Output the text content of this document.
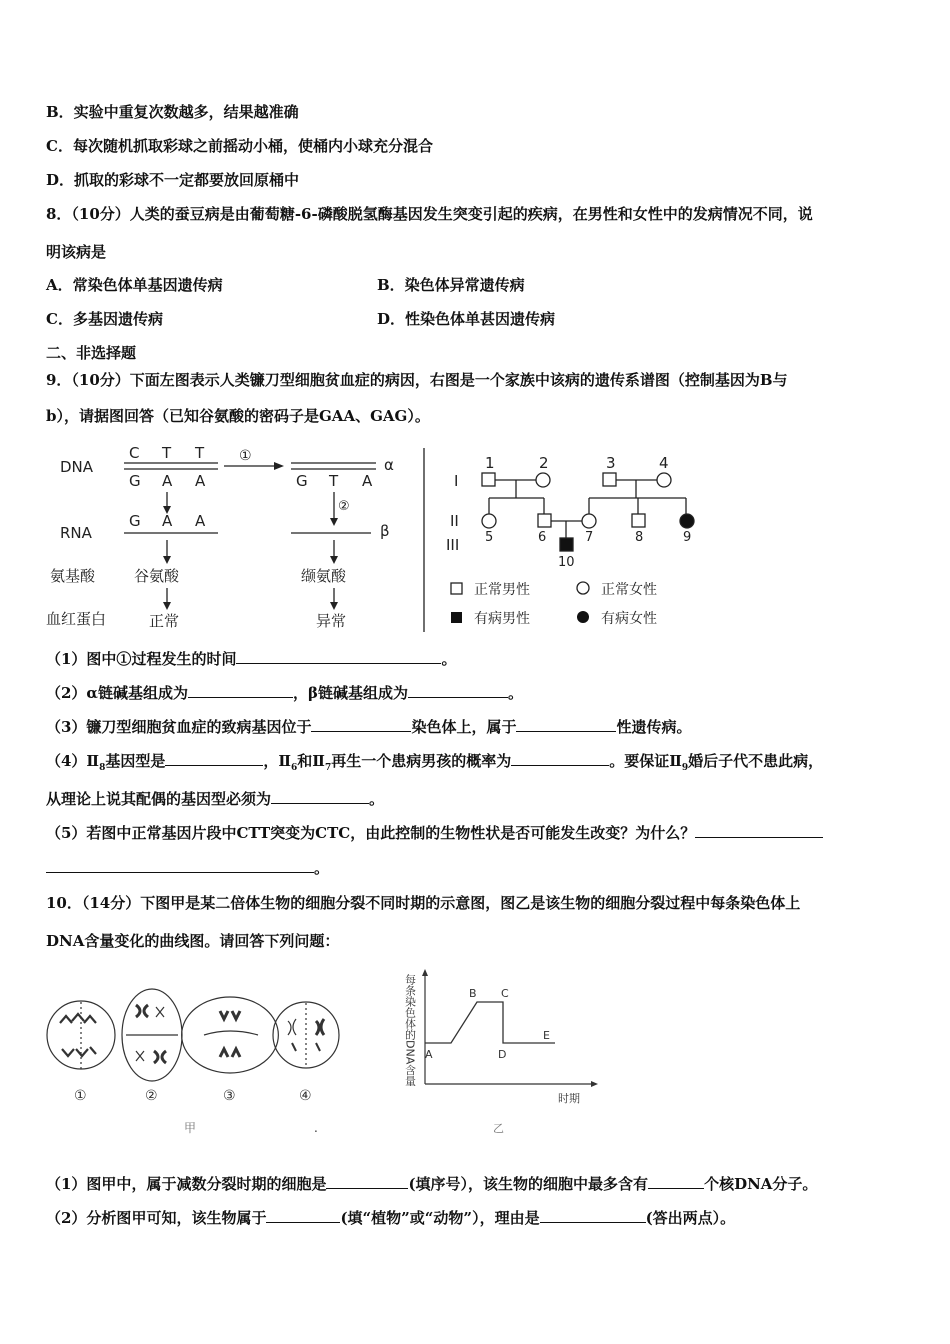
B．实验中重复次数越多，结果越准确
C．每次随机抓取彩球之前摇动小桶，使桶内小球充分混合
D．抓取的彩球不一定都要放回原桶中
8．（10分）人类的蚕豆病是由葡萄糖-6-磷酸脱氢酶基因发生突变引起的疾病，在男性和女性中的发病情况不同，说
明该病是
A．常染色体单基因遗传病	B．染色体异常遗传病
C．多基因遗传病	D．性染色体单甚因遗传病
二、非选择题
9．（10分）下面左图表示人类镰刀型细胞贫血症的病因，右图是一个家族中该病的遗传系谱图（控制基因为B与
b），请据图回答（已知谷氨酸的密码子是GAA、GAG）。
DNA
RNA
氨基酸
血红蛋白
C T T
G A A
①	α
G T A
G A A
②
β
谷氨酸	缬氨酸
正常	异常
I
II
III
1	2	3	4
5	6	7	8	9
10
正常男性	正常女性
有病男性	有病女性
（1）图中①过程发生的时间	。
（2）α链碱基组成为	，β链碱基组成为	。
（3）镰刀型细胞贫血症的致病基因位于	染色体上，属于	性遗传病。
$(4)Ⅱ_8$基因型是	，$Ⅱ_6$和$Ⅱ_7$再生一个患病男孩的概率为	。要保证$Ⅱ_9$婚后子代不患此病，
从理论上说其配偶的基因型必须为	。
（5）若图中正常基因片段中CTT突变为CTC，由此控制的生物性状是否可能发生改变？为什么？
。
10．（14分）下图甲是某二倍体生物的细胞分裂不同时期的示意图，图乙是该生物的细胞分裂过程中每条染色体上
DNA含量变化的曲线图。请回答下列问题：
①	②	③	④
甲	.
每条染色体的DNA含量
时期
乙
A
B C
D
E
（1）图甲中，属于减数分裂时期的细胞是	(填序号），该生物的细胞中最多含有	个核DNA分子。
（2）分析图甲可知，该生物属于	(填“植物”或“动物”），理由是	(答出两点）。
